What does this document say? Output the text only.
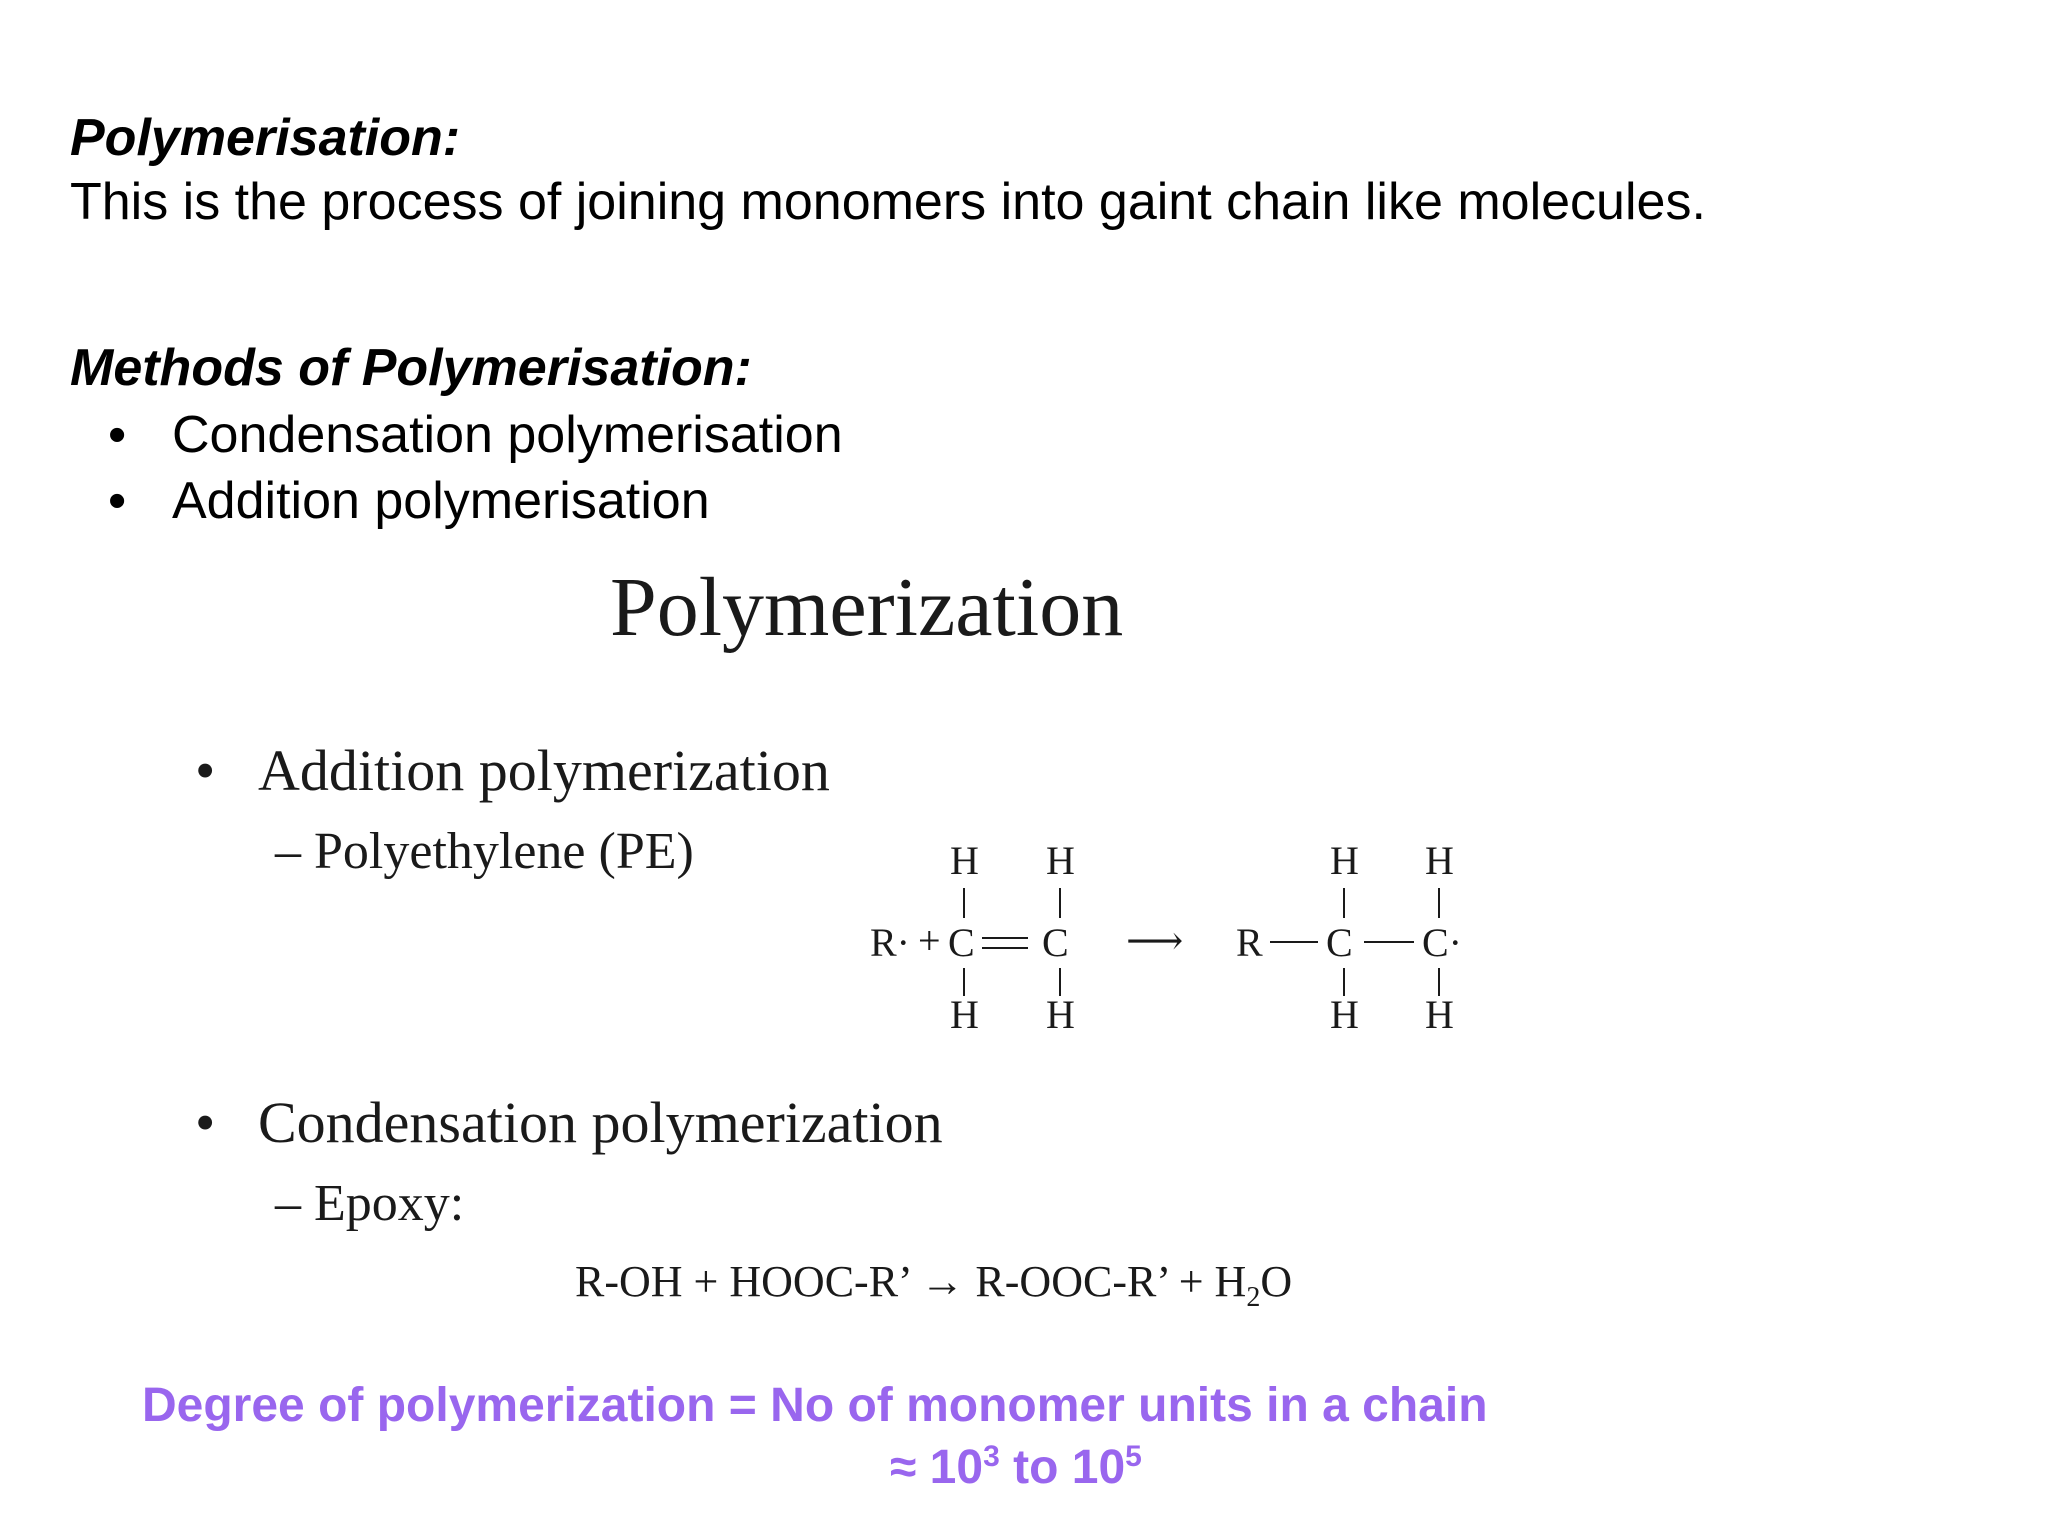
Polymerisation:
This is the process of joining monomers into gaint chain like molecules.
Methods of Polymerisation:
• Condensation polymerisation
• Addition polymerisation
Polymerization
• Addition polymerization
– Polyethylene (PE)	H H	H H
R· + C C ⟶ R C C·
H H	H H
• Condensation polymerization
– Epoxy:
R-OH + HOOC-R’ → R-OOC-R’ + $H_2O$
Degree of polymerization = No of monomer units in a chain
≈ $10^3$ to $10^5$
